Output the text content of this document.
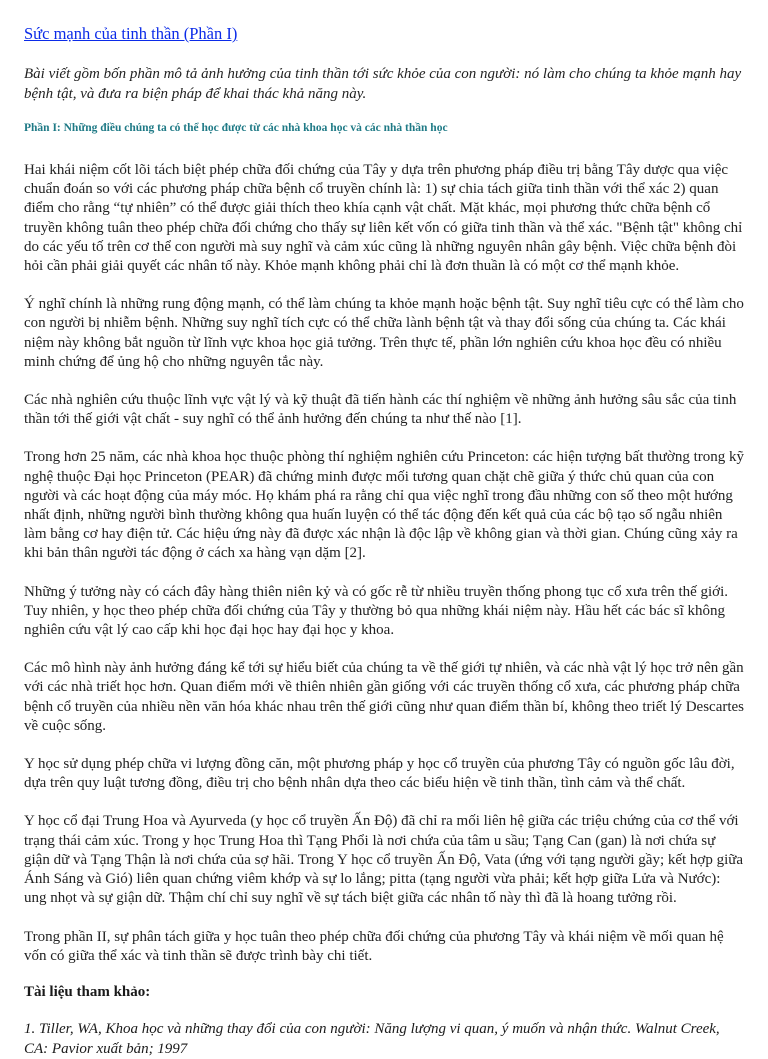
Sức mạnh của tinh thần (Phần I)

Bài viết gồm bốn phần mô tả ảnh hưởng của tinh thần tới sức khỏe của con người: nó làm cho chúng ta khỏe mạnh hay bệnh tật, và đưa ra biện pháp để khai thác khả năng này.

Phần I: Những điều chúng ta có thể học được từ các nhà khoa học và các nhà thần học

Hai khái niệm cốt lõi tách biệt phép chữa đối chứng của Tây y dựa trên phương pháp điều trị bằng Tây dược qua việc chuẩn đoán so với các phương pháp chữa bệnh cổ truyền chính là: 1) sự chia tách giữa tinh thần với thể xác 2) quan điểm cho rằng “tự nhiên” có thể được giải thích theo khía cạnh vật chất. Mặt khác, mọi phương thức chữa bệnh cổ truyền không tuân theo phép chữa đối chứng cho thấy sự liên kết vốn có giữa tinh thần và thể xác. "Bệnh tật" không chỉ do các yếu tố trên cơ thể con người mà suy nghĩ và cảm xúc cũng là những nguyên nhân gây bệnh. Việc chữa bệnh đòi hỏi cần phải giải quyết các nhân tố này. Khỏe mạnh không phải chỉ là đơn thuần là có một cơ thể mạnh khỏe.

Ý nghĩ chính là những rung động mạnh, có thể làm chúng ta khỏe mạnh hoặc bệnh tật. Suy nghĩ tiêu cực có thể làm cho con người bị nhiễm bệnh. Những suy nghĩ tích cực có thể chữa lành bệnh tật và thay đổi sống của chúng ta. Các khái niệm này không bắt nguồn từ lĩnh vực khoa học giả tưởng. Trên thực tế, phần lớn nghiên cứu khoa học đều có nhiều minh chứng để ủng hộ cho những nguyên tắc này.

Các nhà nghiên cứu thuộc lĩnh vực vật lý và kỹ thuật đã tiến hành các thí nghiệm về những ảnh hưởng sâu sắc của tinh thần tới thế giới vật chất - suy nghĩ có thể ảnh hưởng đến chúng ta như thế nào [1].

Trong hơn 25 năm, các nhà khoa học thuộc phòng thí nghiệm nghiên cứu Princeton: các hiện tượng bất thường trong kỹ nghệ thuộc Đại học Princeton (PEAR) đã chứng minh được mối tương quan chặt chẽ giữa ý thức chủ quan của con người và các hoạt động của máy móc. Họ khám phá ra rằng chỉ qua việc nghĩ trong đầu những con số theo một hướng nhất định, những người bình thường không qua huấn luyện có thể tác động đến kết quả của các bộ tạo số ngẫu nhiên làm bằng cơ hay điện tử. Các hiệu ứng này đã được xác nhận là độc lập về không gian và thời gian. Chúng cũng xảy ra khi bản thân người tác động ở cách xa hàng vạn dặm [2].

Những ý tưởng này có cách đây hàng thiên niên kỷ và có gốc rễ từ nhiều truyền thống phong tục cổ xưa trên thế giới. Tuy nhiên, y học theo phép chữa đối chứng của Tây y thường bỏ qua những khái niệm này. Hầu hết các bác sĩ không nghiên cứu vật lý cao cấp khi học đại học hay đại học y khoa.

Các mô hình này ảnh hưởng đáng kể tới sự hiểu biết của chúng ta về thế giới tự nhiên, và các nhà vật lý học trở nên gần với các nhà triết học hơn. Quan điểm mới về thiên nhiên gần giống với các truyền thống cổ xưa, các phương pháp chữa bệnh cổ truyền của nhiều nền văn hóa khác nhau trên thế giới cũng như quan điểm thần bí, không theo triết lý Descartes về cuộc sống.

Y học sử dụng phép chữa vi lượng đồng căn, một phương pháp y học cổ truyền của phương Tây có nguồn gốc lâu đời, dựa trên quy luật tương đồng, điều trị cho bệnh nhân dựa theo các biểu hiện về tinh thần, tình cảm và thể chất.

Y học cổ đại Trung Hoa và Ayurveda (y học cổ truyền Ấn Độ) đã chỉ ra mối liên hệ giữa các triệu chứng của cơ thể với trạng thái cảm xúc. Trong y học Trung Hoa thì Tạng Phổi là nơi chứa của tâm u sầu; Tạng Can (gan) là nơi chứa sự giận dữ và Tạng Thận là nơi chứa của sợ hãi. Trong Y học cổ truyền Ấn Độ, Vata (ứng với tạng người gầy; kết hợp giữa Ánh Sáng và Gió) liên quan chứng viêm khớp và sự lo lắng; pitta (tạng người vừa phải; kết hợp giữa Lửa và Nước): ung nhọt và sự giận dữ. Thậm chí chỉ suy nghĩ về sự tách biệt giữa các nhân tố này thì đã là hoang tưởng rồi.

Trong phần II, sự phân tách giữa y học tuân theo phép chữa đối chứng của phương Tây và khái niệm về mối quan hệ vốn có giữa thể xác và tinh thần sẽ được trình bày chi tiết.

Tài liệu tham khảo:

1. Tiller, WA, Khoa học và những thay đổi của con người: Năng lượng vi quan, ý muốn và nhận thức. Walnut Creek, CA: Pavior xuất bản; 1997
